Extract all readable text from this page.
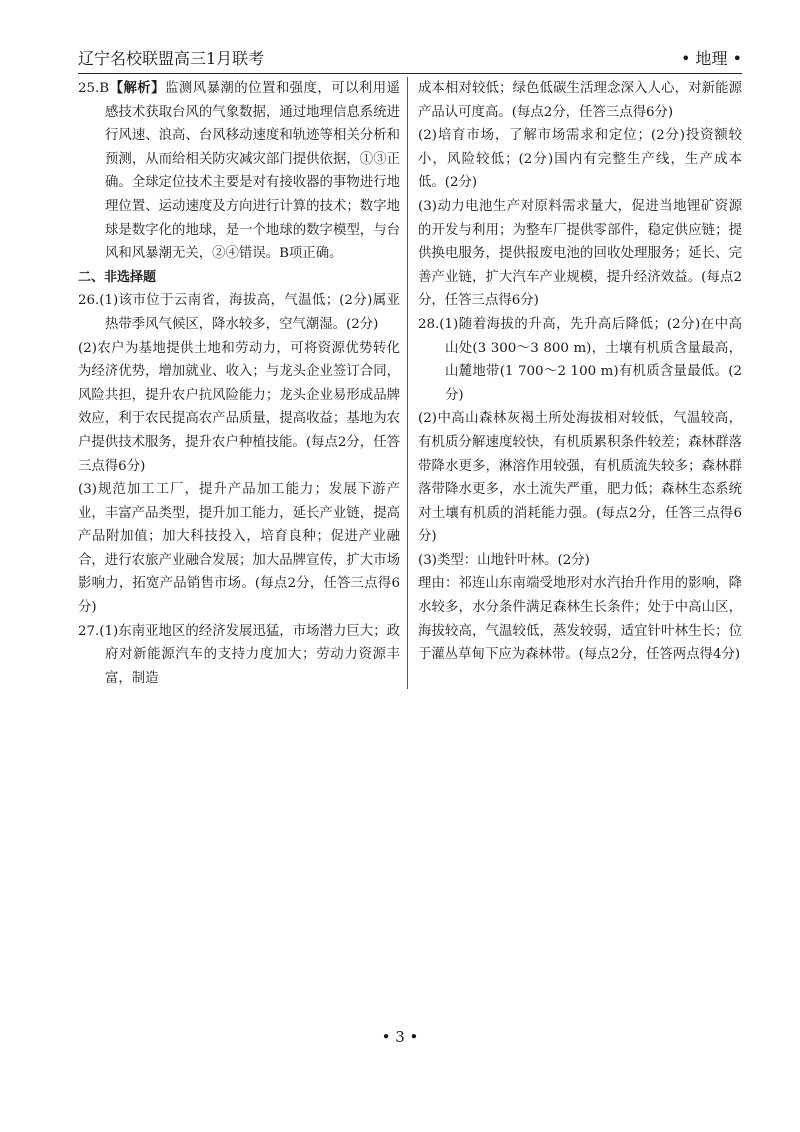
辽宁名校联盟高三1月联考	• 地理 •

25.B【解析】监测风暴潮的位置和强度，可以利用遥感技术获取台风的气象数据，通过地理信息系统进行风速、浪高、台风移动速度和轨迹等相关分析和预测，从而给相关防灾减灾部门提供依据，①③正确。全球定位技术主要是对有接收器的事物进行地理位置、运动速度及方向进行计算的技术；数字地球是数字化的地球，是一个地球的数字模型，与台风和风暴潮无关，②④错误。B项正确。

二、非选择题

26.(1)该市位于云南省，海拔高，气温低；(2分)属亚热带季风气候区，降水较多，空气潮湿。(2分)

(2)农户为基地提供土地和劳动力，可将资源优势转化为经济优势，增加就业、收入；与龙头企业签订合同，风险共担，提升农户抗风险能力；龙头企业易形成品牌效应，利于农民提高农产品质量，提高收益；基地为农户提供技术服务，提升农户种植技能。(每点2分，任答三点得6分)

(3)规范加工工厂，提升产品加工能力；发展下游产业，丰富产品类型，提升加工能力，延长产业链，提高产品附加值；加大科技投入，培育良种；促进产业融合，进行农旅产业融合发展；加大品牌宣传，扩大市场影响力，拓宽产品销售市场。(每点2分，任答三点得6分)

27.(1)东南亚地区的经济发展迅猛，市场潜力巨大；政府对新能源汽车的支持力度加大；劳动力资源丰富，制造

成本相对较低；绿色低碳生活理念深入人心，对新能源产品认可度高。(每点2分，任答三点得6分)

(2)培育市场，了解市场需求和定位；(2分)投资额较小，风险较低；(2分)国内有完整生产线，生产成本低。(2分)

(3)动力电池生产对原料需求量大，促进当地锂矿资源的开发与利用；为整车厂提供零部件，稳定供应链；提供换电服务，提供报废电池的回收处理服务；延长、完善产业链，扩大汽车产业规模，提升经济效益。(每点2分，任答三点得6分)

28.(1)随着海拔的升高，先升高后降低；(2分)在中高山处(3 300～3 800 m)，土壤有机质含量最高，山麓地带(1 700～2 100 m)有机质含量最低。(2分)

(2)中高山森林灰褐土所处海拔相对较低，气温较高，有机质分解速度较快，有机质累积条件较差；森林群落带降水更多，淋溶作用较强，有机质流失较多；森林群落带降水更多，水土流失严重，肥力低；森林生态系统对土壤有机质的消耗能力强。(每点2分，任答三点得6分)

(3)类型：山地针叶林。(2分)

理由：祁连山东南端受地形对水汽抬升作用的影响，降水较多，水分条件满足森林生长条件；处于中高山区，海拔较高，气温较低，蒸发较弱，适宜针叶林生长；位于灌丛草甸下应为森林带。(每点2分，任答两点得4分)

• 3 •
